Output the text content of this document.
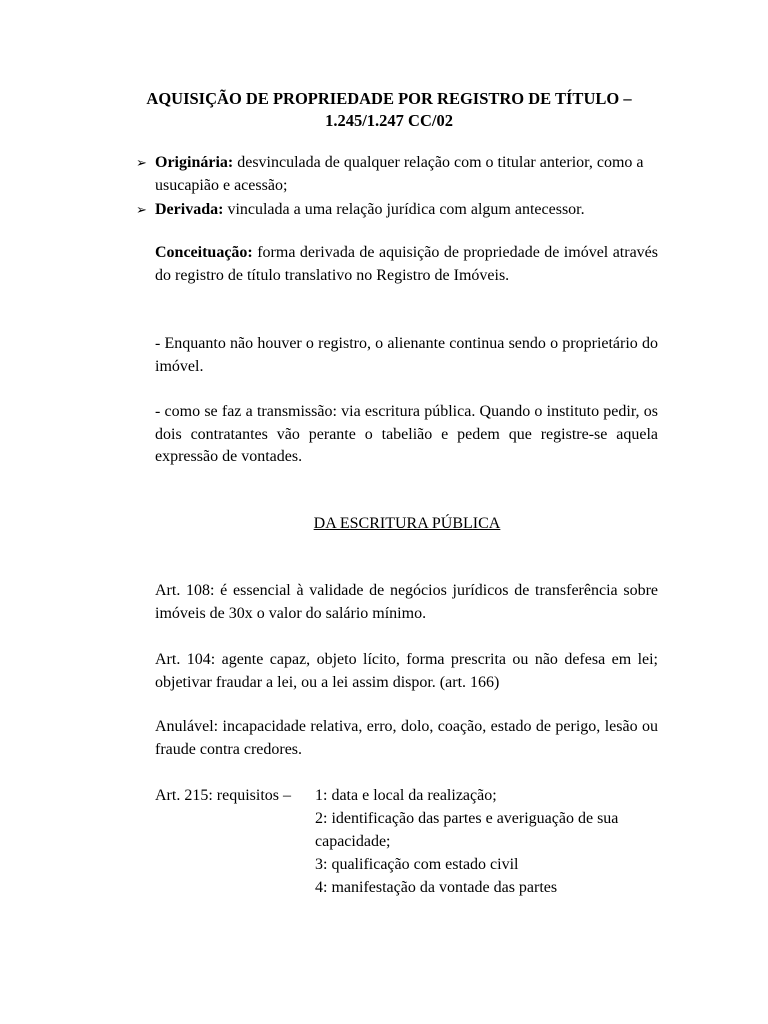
AQUISIÇÃO DE PROPRIEDADE POR REGISTRO DE TÍTULO –
1.245/1.247 CC/02
➢ Originária: desvinculada de qualquer relação com o titular anterior, como a usucapião e acessão;
➢ Derivada: vinculada a uma relação jurídica com algum antecessor.
Conceituação: forma derivada de aquisição de propriedade de imóvel através do registro de título translativo no Registro de Imóveis.
- Enquanto não houver o registro, o alienante continua sendo o proprietário do imóvel.
- como se faz a transmissão: via escritura pública. Quando o instituto pedir, os dois contratantes vão perante o tabelião e pedem que registre-se aquela expressão de vontades.
DA ESCRITURA PÚBLICA
Art. 108: é essencial à validade de negócios jurídicos de transferência sobre imóveis de 30x o valor do salário mínimo.
Art. 104: agente capaz, objeto lícito, forma prescrita ou não defesa em lei; objetivar fraudar a lei, ou a lei assim dispor. (art. 166)
Anulável: incapacidade relativa, erro, dolo, coação, estado de perigo, lesão ou fraude contra credores.
Art. 215: requisitos –	1: data e local da realização;
2: identificação das partes e averiguação de sua capacidade;
3: qualificação com estado civil
4: manifestação da vontade das partes
